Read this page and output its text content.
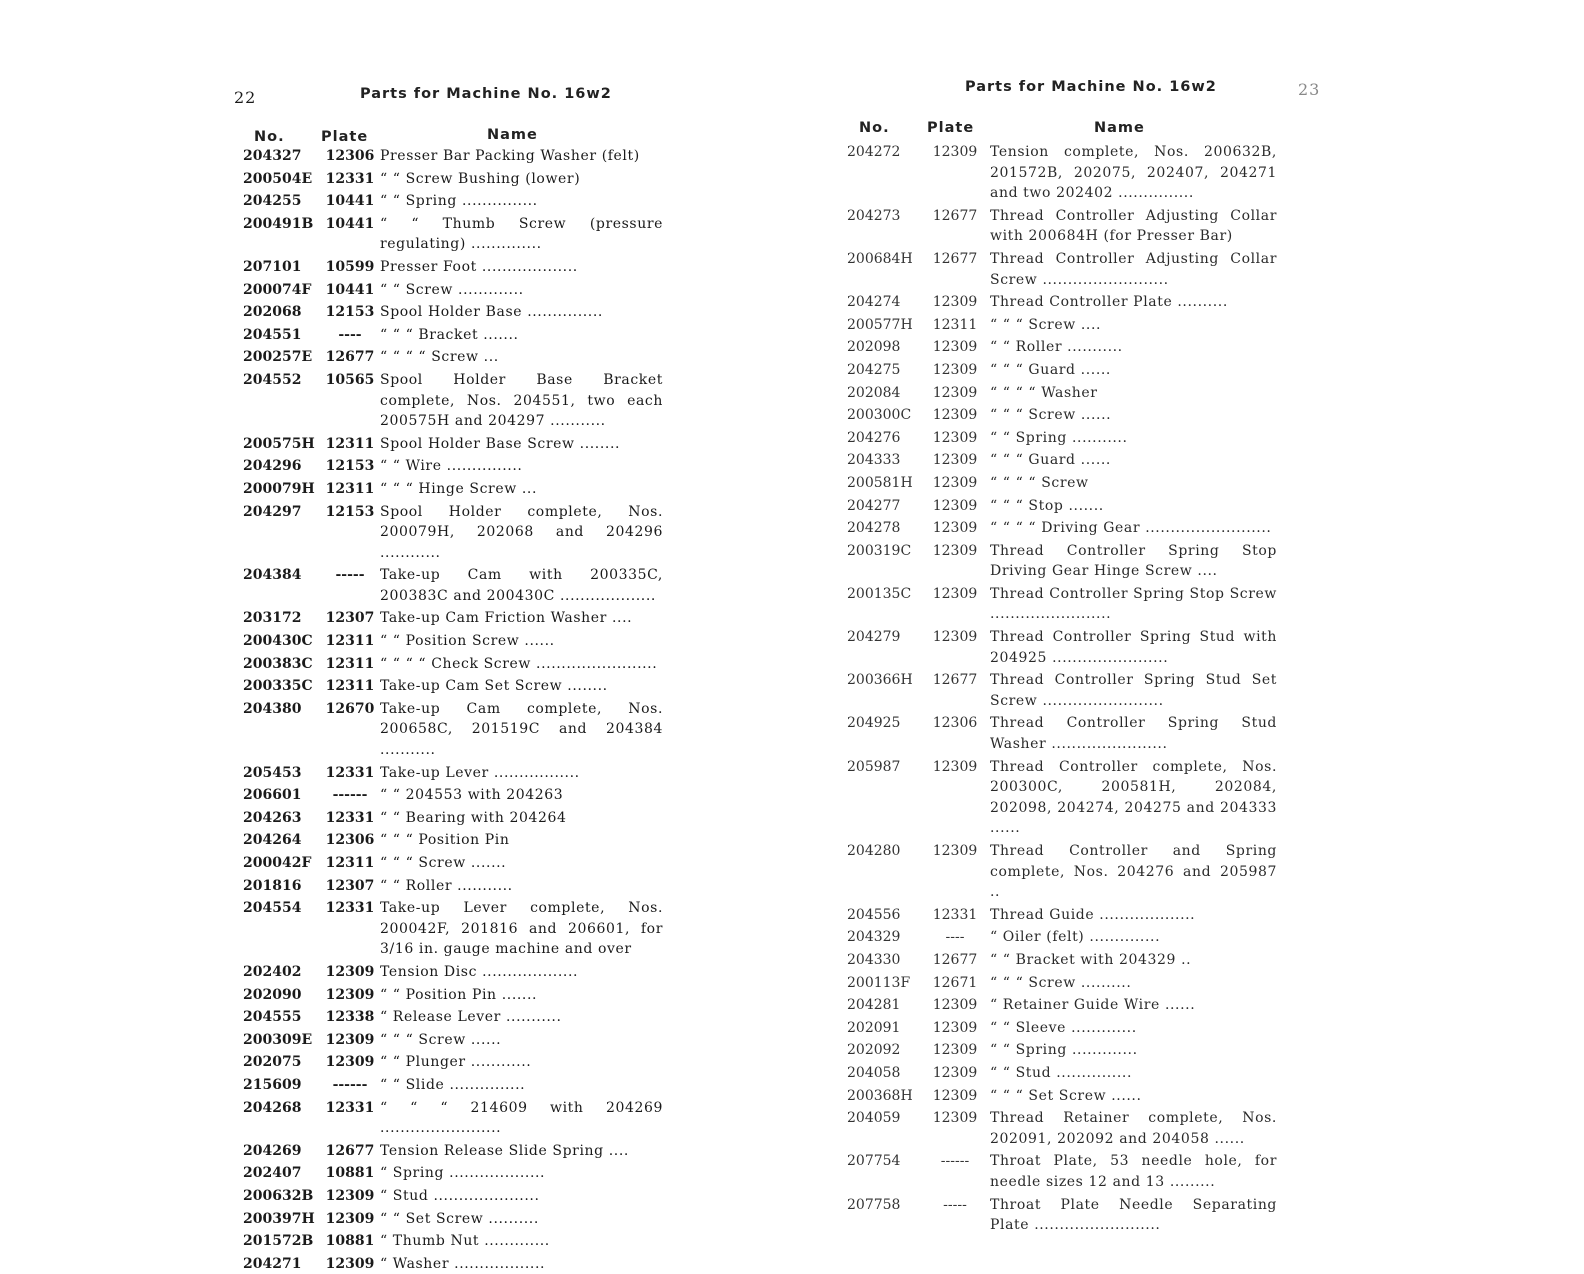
22	Parts for Machine No. 16w2
No.	Plate	Name
204327	12306 Presser Bar Packing Washer (felt)
200504E 12331 “ “ Screw Bushing (lower)
204255	10441 “ “ Spring ...............
200491B 10441 “ “ Thumb Screw (pressure regulating) ..............
207101	10599 Presser Foot ...................
200074F	10441 “ “ Screw .............
202068	12153 Spool Holder Base ...............
204551	----	“ “ “ Bracket .......
200257E 12677 “ “ “ “ Screw ...
204552	10565 Spool Holder Base Bracket complete, Nos. 204551, two each 200575H and 204297 ...........
200575H 12311 Spool Holder Base Screw ........
204296	12153 “ “ Wire ...............
200079H 12311 “ “ “ Hinge Screw ...
204297	12153 Spool Holder complete, Nos. 200079H, 202068 and 204296 ............
204384	-----	Take-up Cam with 200335C, 200383C and 200430C ...................
203172	12307 Take-up Cam Friction Washer ....
200430C 12311 “ “ Position Screw ......
200383C 12311 “ “ “ “ Check Screw ........................
200335C 12311 Take-up Cam Set Screw ........
204380	12670 Take-up Cam complete, Nos. 200658C, 201519C and 204384 ...........
205453	12331 Take-up Lever .................
206601	------ “ “ 204553 with 204263
204263	12331 “ “ Bearing with 204264
204264	12306 “ “ “ Position Pin
200042F	12311 “ “ “ Screw .......
201816	12307 “ “ Roller ...........
204554	12331 Take-up Lever complete, Nos. 200042F, 201816 and 206601, for 3/16 in. gauge machine and over
202402	12309 Tension Disc ...................
202090	12309 “ “ Position Pin .......
204555	12338 “ Release Lever ...........
200309E 12309 “ “ “ Screw ......
202075	12309 “ “ Plunger ............
215609	------ “ “ Slide ...............
204268	12331 “ “ “ 214609 with 204269 ........................
204269	12677 Tension Release Slide Spring ....
202407	10881 “ Spring ...................
200632B 12309 “ Stud .....................
200397H 12309 “ “ Set Screw ..........
201572B 10881 “ Thumb Nut .............
204271	12309 “ Washer ..................
23
Parts for Machine No. 16w2
No.	Plate	Name
204272	12309 Tension complete, Nos. 200632B, 201572B, 202075, 202407, 204271 and two 202402 ...............
204273	12677 Thread Controller Adjusting Collar with 200684H (for Presser Bar)
200684H	12677 Thread Controller Adjusting Collar Screw .........................
204274	12309 Thread Controller Plate ..........
200577H	12311 “ “ “ Screw ....
202098	12309 “ “ Roller ...........
204275	12309 “ “ “ Guard ......
202084	12309 “ “ “ “ Washer
200300C	12309 “ “ “ Screw ......
204276	12309 “ “ Spring ...........
204333	12309 “ “ “ Guard ......
200581H	12309 “ “ “ “ Screw
204277	12309 “ “ “ Stop .......
204278	12309 “ “ “ “ Driving Gear .........................
200319C	12309 Thread Controller Spring Stop Driving Gear Hinge Screw ....
200135C	12309 Thread Controller Spring Stop Screw ........................
204279	12309 Thread Controller Spring Stud with 204925 .......................
200366H	12677 Thread Controller Spring Stud Set Screw ........................
204925	12306 Thread Controller Spring Stud Washer .......................
205987	12309 Thread Controller complete, Nos. 200300C, 200581H, 202084, 202098, 204274, 204275 and 204333 ......
204280	12309 Thread Controller and Spring complete, Nos. 204276 and 205987 ..
204556	12331 Thread Guide ...................
204329	----	“ Oiler (felt) ..............
204330	12677 “ “ Bracket with 204329 ..
200113F	12671 “ “ “ Screw ..........
204281	12309 “ Retainer Guide Wire ......
202091	12309 “ “ Sleeve .............
202092	12309 “ “ Spring .............
204058	12309 “ “ Stud ...............
200368H	12309 “ “ “ Set Screw ......
204059	12309 Thread Retainer complete, Nos. 202091, 202092 and 204058 ......
207754	------	Throat Plate, 53 needle hole, for needle sizes 12 and 13 .........
207758	-----	Throat Plate Needle Separating Plate .........................
